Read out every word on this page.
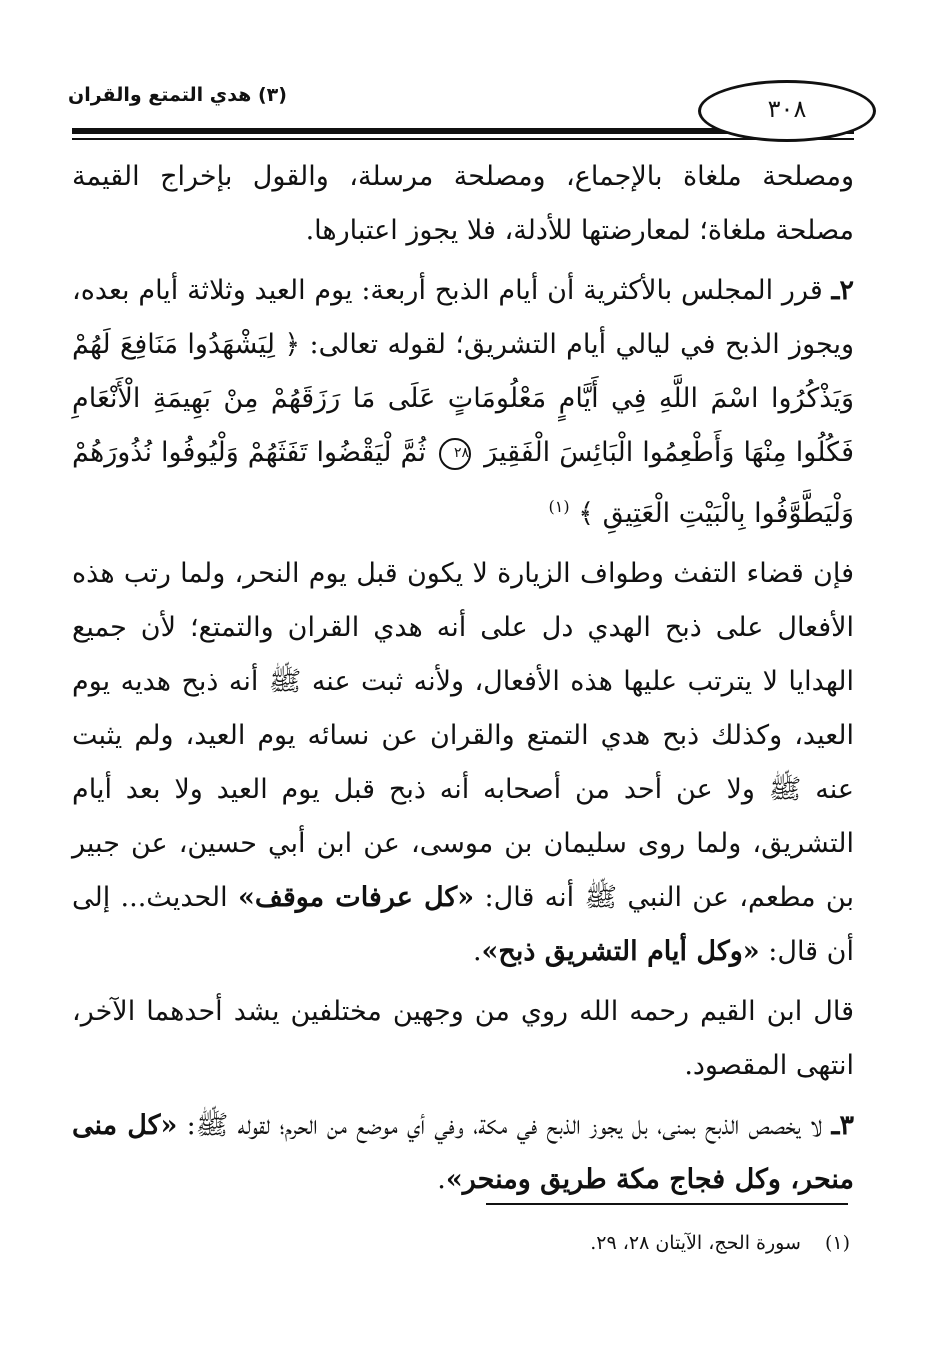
(٣) هدي التمتع والقران	٣٠٨

ومصلحة ملغاة بالإجماع، ومصلحة مرسلة، والقول بإخراج القيمة مصلحة ملغاة؛ لمعارضتها للأدلة، فلا يجوز اعتبارها.

٢ـ قرر المجلس بالأكثرية أن أيام الذبح أربعة: يوم العيد وثلاثة أيام بعده، ويجوز الذبح في ليالي أيام التشريق؛ لقوله تعالى: ﴿ لِيَشْهَدُوا مَنَافِعَ لَهُمْ وَيَذْكُرُوا اسْمَ اللَّهِ فِي أَيَّامٍ مَعْلُومَاتٍ عَلَى مَا رَزَقَهُمْ مِنْ بَهِيمَةِ الْأَنْعَامِ فَكُلُوا مِنْهَا وَأَطْعِمُوا الْبَائِسَ الْفَقِيرَ ٢٨ ثُمَّ لْيَقْضُوا تَفَثَهُمْ وَلْيُوفُوا نُذُورَهُمْ وَلْيَطَّوَّفُوا بِالْبَيْتِ الْعَتِيقِ ﴾ $^{(١)}$

فإن قضاء التفث وطواف الزيارة لا يكون قبل يوم النحر، ولما رتب هذه الأفعال على ذبح الهدي دل على أنه هدي القران والتمتع؛ لأن جميع الهدايا لا يترتب عليها هذه الأفعال، ولأنه ثبت عنه ﷺ أنه ذبح هديه يوم العيد، وكذلك ذبح هدي التمتع والقران عن نسائه يوم العيد، ولم يثبت عنه ﷺ ولا عن أحد من أصحابه أنه ذبح قبل يوم العيد ولا بعد أيام التشريق، ولما روى سليمان بن موسى، عن ابن أبي حسين، عن جبير بن مطعم، عن النبي ﷺ أنه قال: «كل عرفات موقف» الحديث... إلى أن قال: «وكل أيام التشريق ذبح».

قال ابن القيم رحمه الله روي من وجهين مختلفين يشد أحدهما الآخر، انتهى المقصود.

٣ـ لا يخصص الذبح بمنى، بل يجوز الذبح في مكة، وفي أي موضع من الحرم؛ لقوله ﷺ: «كل منى منحر، وكل فجاج مكة طريق ومنحر».

(١) سورة الحج، الآيتان ٢٨، ٢٩.
